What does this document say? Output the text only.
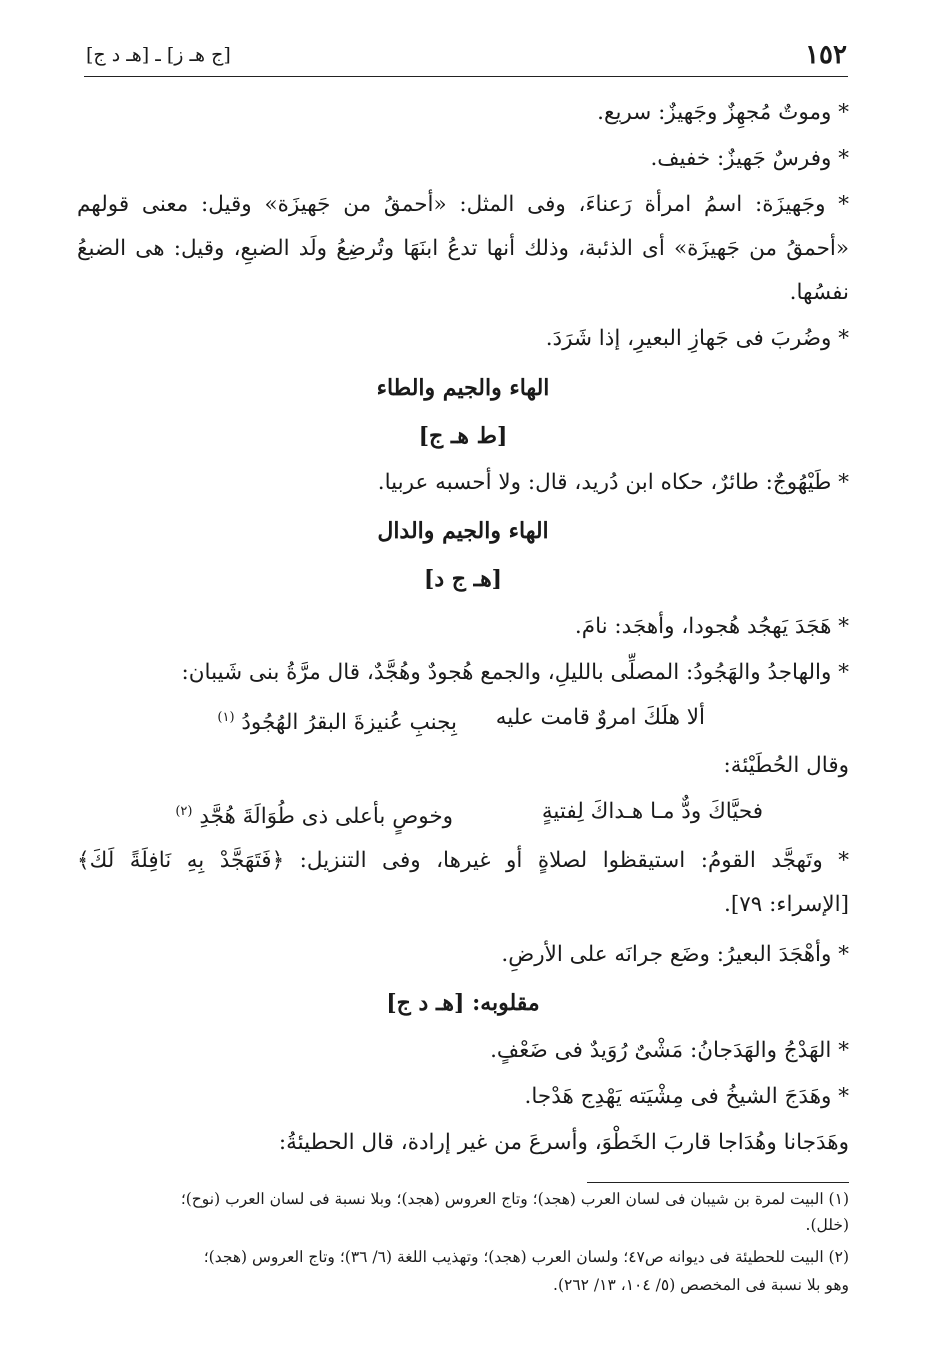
١٥٢
[ج هـ ز] ـ [هـ د ج]
* وموتٌ مُجهِزٌ وجَهيزٌ: سريع.
* وفرسٌ جَهيزٌ: خفيف.
* وجَهيزَة: اسمُ امرأة رَعناءَ، وفى المثل: «أحمقُ من جَهيزَة» وقيل: معنى قولهم
«أحمقُ من جَهيزَة» أى الذئبة، وذلك أنها تدعُ ابنَهَا وتُرضِعُ ولَد الضبعِ، وقيل: هى الضبعُ
نفسُها.
* وضُربَ فى جَهازِ البعيرِ، إذا شَرَدَ.
الهاء والجيم والطاء
[ط هـ ج]
* طَيْهُوجٌ: طائرٌ، حكاه ابن دُريد، قال: ولا أحسبه عربيا.
الهاء والجيم والدال
[هـ ج د]
* هَجَدَ يَهجُد هُجودا، وأهجَد: نامَ.
* والهاجدُ والهَجُودُ: المصلِّى بالليلِ، والجمع هُجودٌ وهُجَّدٌ، قال مرَّةُ بنى شَيبان:
ألا هلَكَ امروٌ قامت عليه
بِجنبِ عُنيزةَ البقرُ الهُجُودُ $^{(١)}$
وقال الحُطَيْئة:
فحيَّاكَ ودٌّ مـا هـداكَ لِفتيةٍ
وخوصٍ بأعلى ذى طُوَالَةَ هُجَّدِ $^{(٢)}$
* وتَهجَّد القومُ: استيقظوا لصلاةٍ أو غيرها، وفى التنزيل: ﴿فَتَهَجَّدْ بِهِ نَافِلَةً لَكَ﴾
[الإسراء: ٧٩].
* وأهْجَدَ البعيرُ: وضَع جرانَه على الأرضِ.
مقلوبه: [هـ د ج]
* الهَدْجُ والهَدَجانُ: مَشْىٌ رُوَيدٌ فى ضَعْفٍ.
* وهَدَجَ الشيخُ فى مِشْيَته يَهْدِج هَدْجا.
وهَدَجانا وهُدَاجا قاربَ الخَطْوَ، وأسرعَ من غير إرادة، قال الحطيئةُ:
(١) البيت لمرة بن شيبان فى لسان العرب (هجد)؛ وتاج العروس (هجد)؛ وبلا نسبة فى لسان العرب (نوح)؛
(خلل).
(٢) البيت للحطيئة فى ديوانه ص٤٧؛ ولسان العرب (هجد)؛ وتهذيب اللغة (٦/ ٣٦)؛ وتاج العروس (هجد)؛
وهو بلا نسبة فى المخصص (٥/ ١٠٤، ١٣/ ٢٦٢).
